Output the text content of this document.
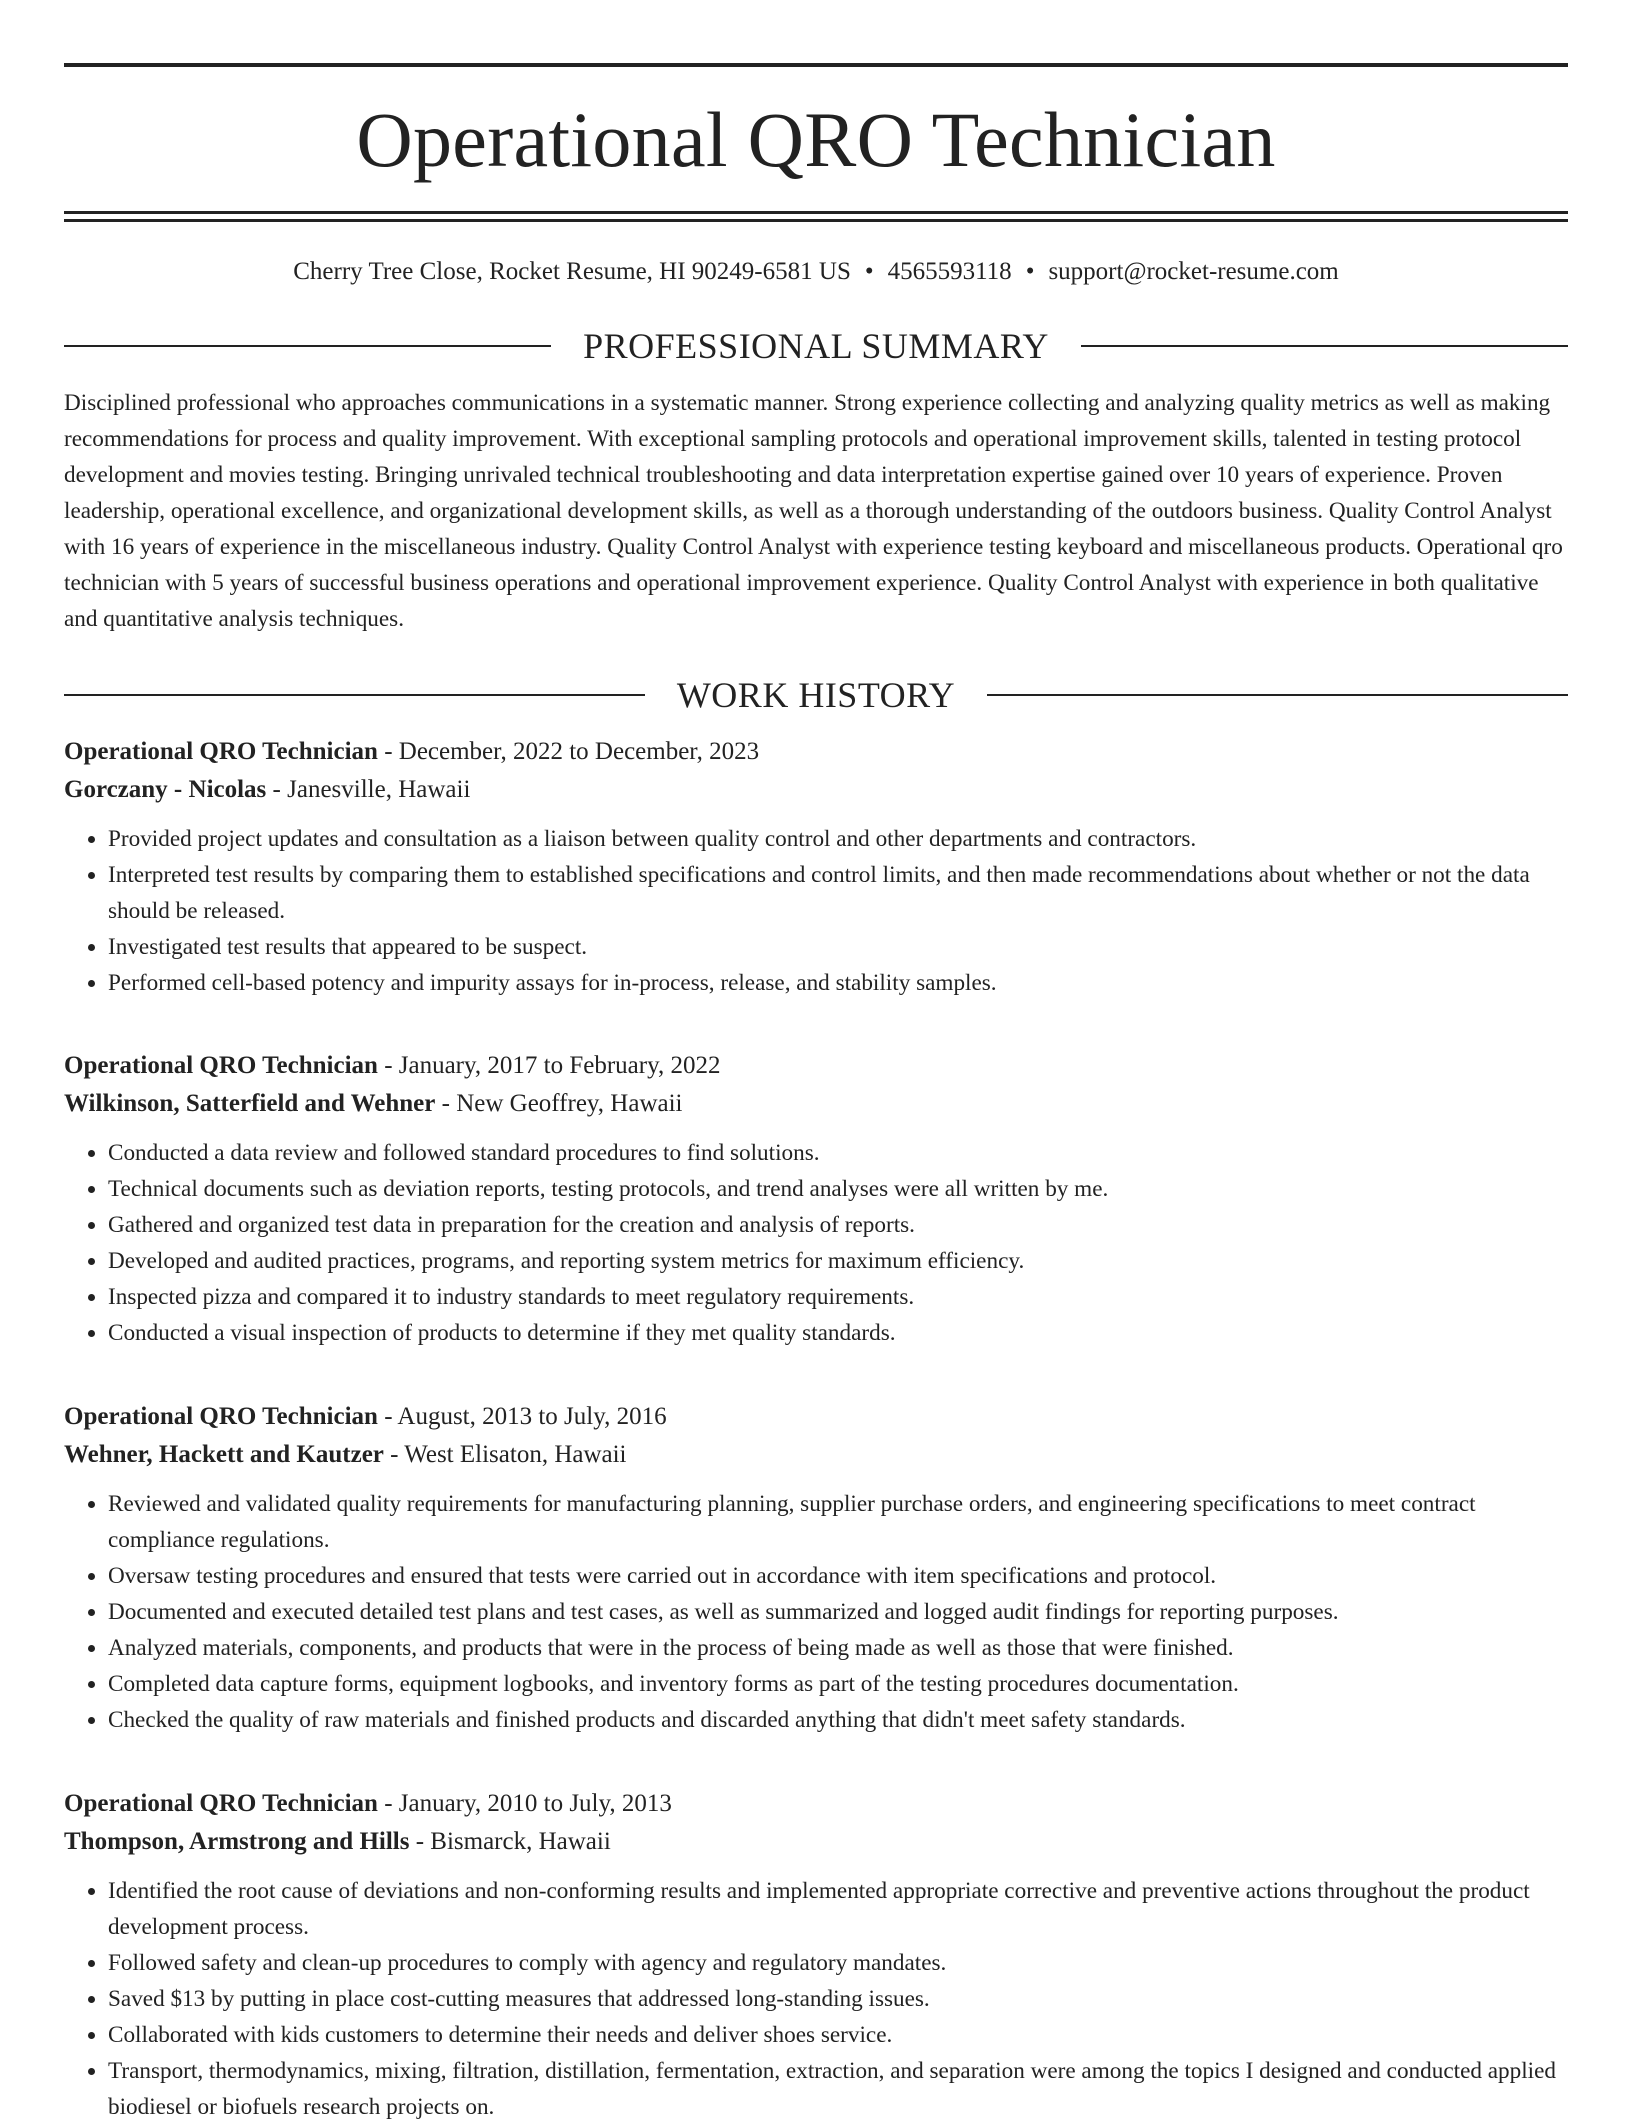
Operational QRO Technician
Cherry Tree Close, Rocket Resume, HI 90249-6581 US • 4565593118 • support@rocket-resume.com
PROFESSIONAL SUMMARY
Disciplined professional who approaches communications in a systematic manner. Strong experience collecting and analyzing quality metrics as well as making recommendations for process and quality improvement. With exceptional sampling protocols and operational improvement skills, talented in testing protocol development and movies testing. Bringing unrivaled technical troubleshooting and data interpretation expertise gained over 10 years of experience. Proven leadership, operational excellence, and organizational development skills, as well as a thorough understanding of the outdoors business. Quality Control Analyst with 16 years of experience in the miscellaneous industry. Quality Control Analyst with experience testing keyboard and miscellaneous products. Operational qro technician with 5 years of successful business operations and operational improvement experience. Quality Control Analyst with experience in both qualitative and quantitative analysis techniques.
WORK HISTORY
Operational QRO Technician - December, 2022 to December, 2023
Gorczany - Nicolas - Janesville, Hawaii
• Provided project updates and consultation as a liaison between quality control and other departments and contractors.
• Interpreted test results by comparing them to established specifications and control limits, and then made recommendations about whether or not the data should be released.
• Investigated test results that appeared to be suspect.
• Performed cell-based potency and impurity assays for in-process, release, and stability samples.
Operational QRO Technician - January, 2017 to February, 2022
Wilkinson, Satterfield and Wehner - New Geoffrey, Hawaii
• Conducted a data review and followed standard procedures to find solutions.
• Technical documents such as deviation reports, testing protocols, and trend analyses were all written by me.
• Gathered and organized test data in preparation for the creation and analysis of reports.
• Developed and audited practices, programs, and reporting system metrics for maximum efficiency.
• Inspected pizza and compared it to industry standards to meet regulatory requirements.
• Conducted a visual inspection of products to determine if they met quality standards.
Operational QRO Technician - August, 2013 to July, 2016
Wehner, Hackett and Kautzer - West Elisaton, Hawaii
• Reviewed and validated quality requirements for manufacturing planning, supplier purchase orders, and engineering specifications to meet contract compliance regulations.
• Oversaw testing procedures and ensured that tests were carried out in accordance with item specifications and protocol.
• Documented and executed detailed test plans and test cases, as well as summarized and logged audit findings for reporting purposes.
• Analyzed materials, components, and products that were in the process of being made as well as those that were finished.
• Completed data capture forms, equipment logbooks, and inventory forms as part of the testing procedures documentation.
• Checked the quality of raw materials and finished products and discarded anything that didn't meet safety standards.
Operational QRO Technician - January, 2010 to July, 2013
Thompson, Armstrong and Hills - Bismarck, Hawaii
• Identified the root cause of deviations and non-conforming results and implemented appropriate corrective and preventive actions throughout the product development process.
• Followed safety and clean-up procedures to comply with agency and regulatory mandates.
• Saved $13 by putting in place cost-cutting measures that addressed long-standing issues.
• Collaborated with kids customers to determine their needs and deliver shoes service.
• Transport, thermodynamics, mixing, filtration, distillation, fermentation, extraction, and separation were among the topics I designed and conducted applied biodiesel or biofuels research projects on.
